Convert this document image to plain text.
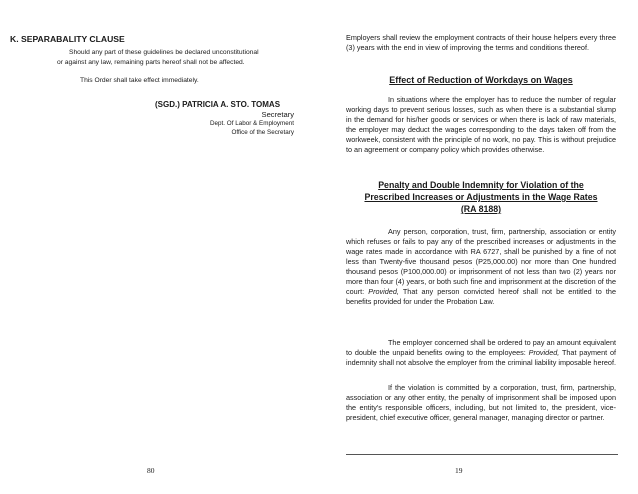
K. SEPARABALITY CLAUSE
Should any part of these guidelines be declared unconstitutional
or against any law, remaining parts hereof shall not be affected.
This Order shall take effect immediately.
(SGD.) PATRICIA A. STO. TOMAS
Secretary
Dept. Of Labor & Employment
Office of the Secretary
80

Employers shall review the employment contracts of their house helpers every three (3) years with the end in view of improving the terms and conditions thereof.

Effect of Reduction of Workdays on Wages

In situations where the employer has to reduce the number of regular working days to prevent serious losses, such as when there is a substantial slump in the demand for his/her goods or services or when there is lack of raw materials, the employer may deduct the wages corresponding to the days taken off from the workweek, consistent with the principle of no work, no pay. This is without prejudice to an agreement or company policy which provides otherwise.

Penalty and Double Indemnity for Violation of the
Prescribed Increases or Adjustments in the Wage Rates
(RA 8188)

Any person, corporation, trust, firm, partnership, association or entity which refuses or fails to pay any of the prescribed increases or adjustments in the wage rates made in accordance with RA 6727, shall be punished by a fine of not less than Twenty-five thousand pesos (P25,000.00) nor more than One hundred thousand pesos (P100,000.00) or imprisonment of not less than two (2) years nor more than four (4) years, or both such fine and imprisonment at the discretion of the court: Provided, That any person convicted hereof shall not be entitled to the benefits provided for under the Probation Law.

The employer concerned shall be ordered to pay an amount equivalent to double the unpaid benefits owing to the employees: Provided, That payment of indemnity shall not absolve the employer from the criminal liability imposable hereof.

If the violation is committed by a corporation, trust, firm, partnership, association or any other entity, the penalty of imprisonment shall be imposed upon the entity's responsible officers, including, but not limited to, the president, vice-president, chief executive officer, general manager, managing director or partner.

19
